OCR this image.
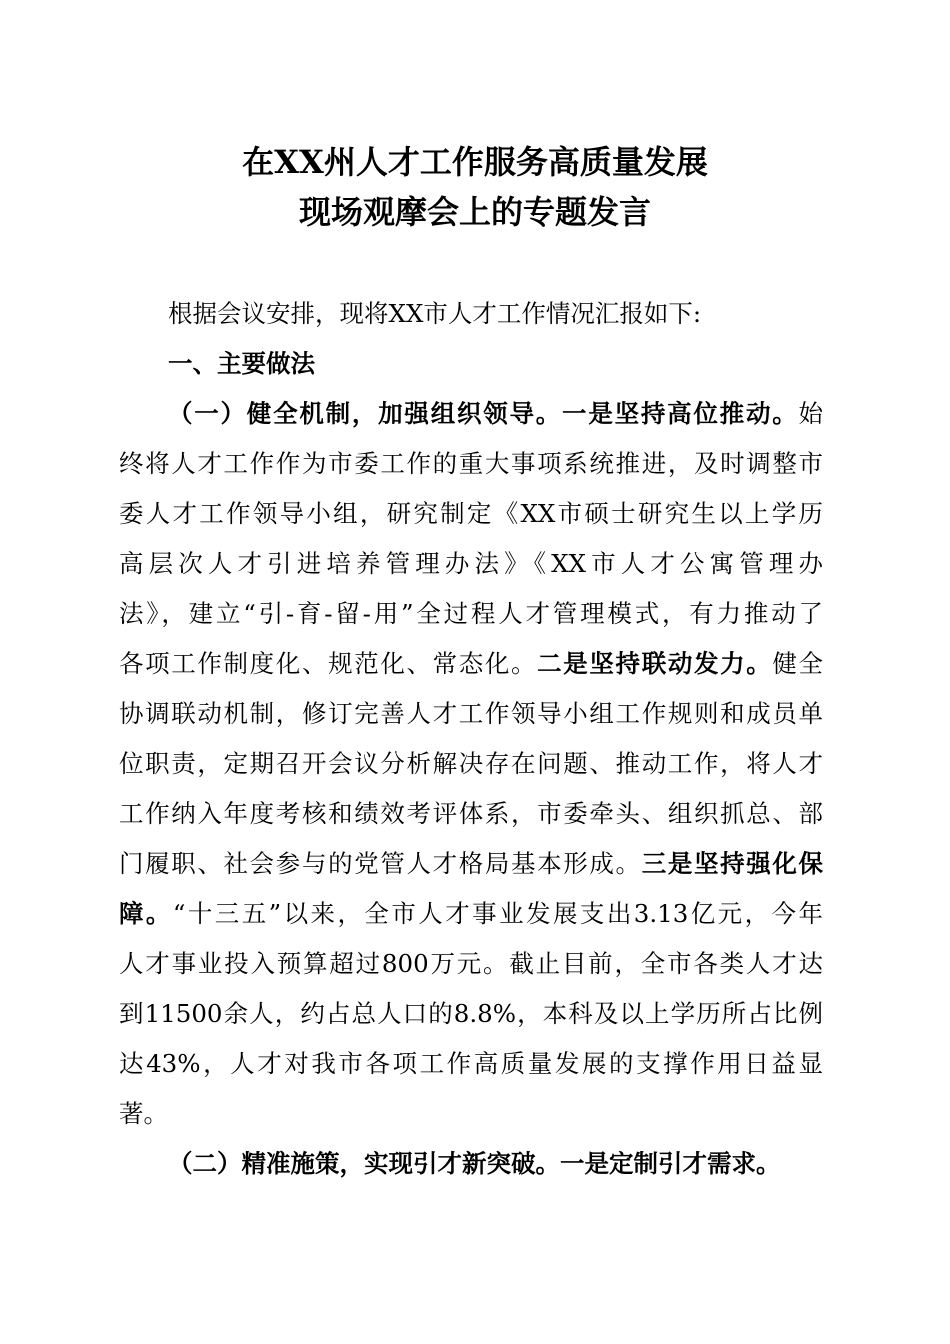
在XX州人才工作服务高质量发展
现场观摩会上的专题发言
根据会议安排，现将XX市人才工作情况汇报如下:
一、主要做法
（一）健全机制，加强组织领导。一是坚持高位推动。始
终将人才工作作为市委工作的重大事项系统推进，及时调整市
委人才工作领导小组，研究制定《XX市硕士研究生以上学历
高层次人才引进培养管理办法》《XX市人才公寓管理办
法》，建立“引-育-留-用”全过程人才管理模式，有力推动了
各项工作制度化、规范化、常态化。二是坚持联动发力。健全
协调联动机制，修订完善人才工作领导小组工作规则和成员单
位职责，定期召开会议分析解决存在问题、推动工作，将人才
工作纳入年度考核和绩效考评体系，市委牵头、组织抓总、部
门履职、社会参与的党管人才格局基本形成。三是坚持强化保
障。“十三五”以来，全市人才事业发展支出3.13亿元，今年
人才事业投入预算超过800万元。截止目前，全市各类人才达
到11500余人，约占总人口的8.8%，本科及以上学历所占比例
达43%，人才对我市各项工作高质量发展的支撑作用日益显
著。
（二）精准施策，实现引才新突破。一是定制引才需求。
